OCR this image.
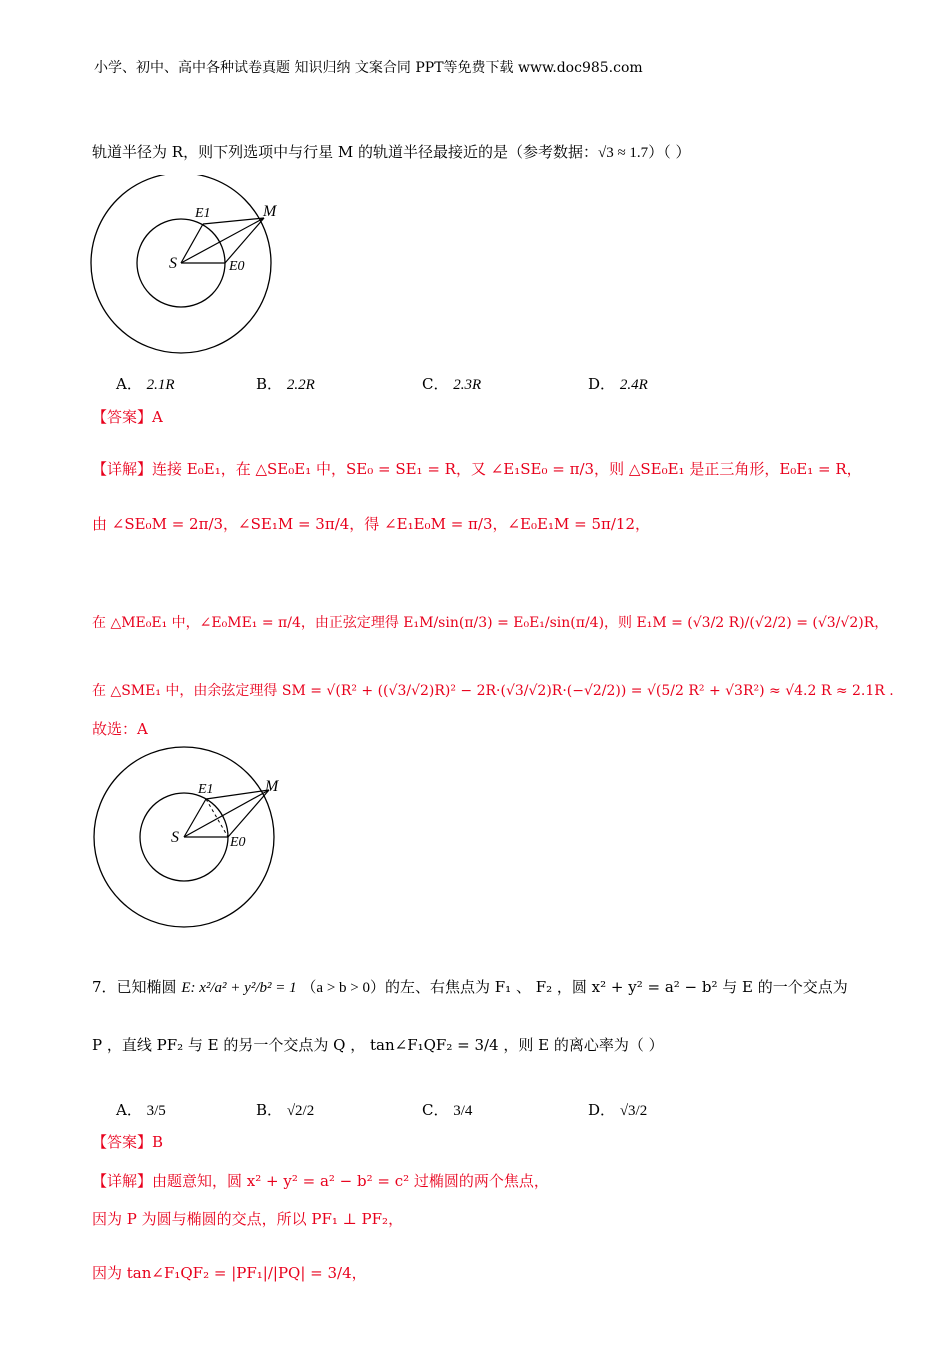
小学、初中、高中各种试卷真题 知识归纳 文案合同 PPT等免费下载 www.doc985.com
轨道半径为 R，则下列选项中与行星 M 的轨道半径最接近的是（参考数据：√3 ≈ 1.7）（ ）
S
E1
E0
M
A． 2.1R	B． 2.2R	C． 2.3R	D． 2.4R
【答案】A
【详解】连接 E₀E₁，在 △SE₀E₁ 中，SE₀ = SE₁ = R，又 ∠E₁SE₀ = π/3，则 △SE₀E₁ 是正三角形，E₀E₁ = R，
由 ∠SE₀M = 2π/3，∠SE₁M = 3π/4，得 ∠E₁E₀M = π/3，∠E₀E₁M = 5π/12，
在 △ME₀E₁ 中，∠E₀ME₁ = π/4，由正弦定理得 E₁M/sin(π/3) = E₀E₁/sin(π/4)，则 E₁M = (√3/2 R)/(√2/2) = (√3/√2)R，
在 △SME₁ 中，由余弦定理得 SM = √(R² + ((√3/√2)R)² − 2R·(√3/√2)R·(−√2/2)) = √(5/2 R² + √3R²) ≈ √4.2 R ≈ 2.1R .
故选：A
S
E1
E0
M
7．已知椭圆 E: x²/a² + y²/b² = 1 （a > b > 0）的左、右焦点为 F₁ 、 F₂ ，圆 x² + y² = a² − b² 与 E 的一个交点为
P ，直线 PF₂ 与 E 的另一个交点为 Q ， tan∠F₁QF₂ = 3/4 ，则 E 的离心率为（ ）
A． 3/5	B． √2/2	C． 3/4	D． √3/2
【答案】B
【详解】由题意知，圆 x² + y² = a² − b² = c² 过椭圆的两个焦点，
因为 P 为圆与椭圆的交点，所以 PF₁ ⊥ PF₂，
因为 tan∠F₁QF₂ = |PF₁|/|PQ| = 3/4，
